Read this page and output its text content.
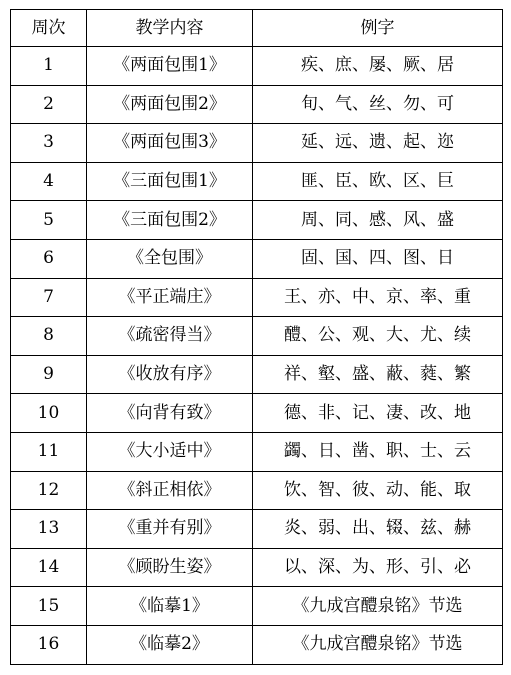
周次	教学内容	例字
1	《两面包围1》	疾、庶、屡、厥、居
2	《两面包围2》	旬、气、丝、勿、可
3	《两面包围3》	延、远、遗、起、迩
4	《三面包围1》	匪、臣、欧、区、巨
5	《三面包围2》	周、同、感、风、盛
6	《全包围》	固、国、四、图、日
7	《平正端庄》	王、亦、中、京、率、重
8	《疏密得当》	醴、公、观、大、尤、续
9	《收放有序》	祥、壑、盛、蔽、蕤、繁
10	《向背有致》	德、非、记、凄、改、地
11	《大小适中》	蠲、日、凿、职、士、云
12	《斜正相依》	饮、智、彼、动、能、取
13	《重并有别》	炎、弱、出、辍、兹、赫
14	《顾盼生姿》	以、深、为、形、引、必
15	《临摹1》	《九成宫醴泉铭》节选
16	《临摹2》	《九成宫醴泉铭》节选
